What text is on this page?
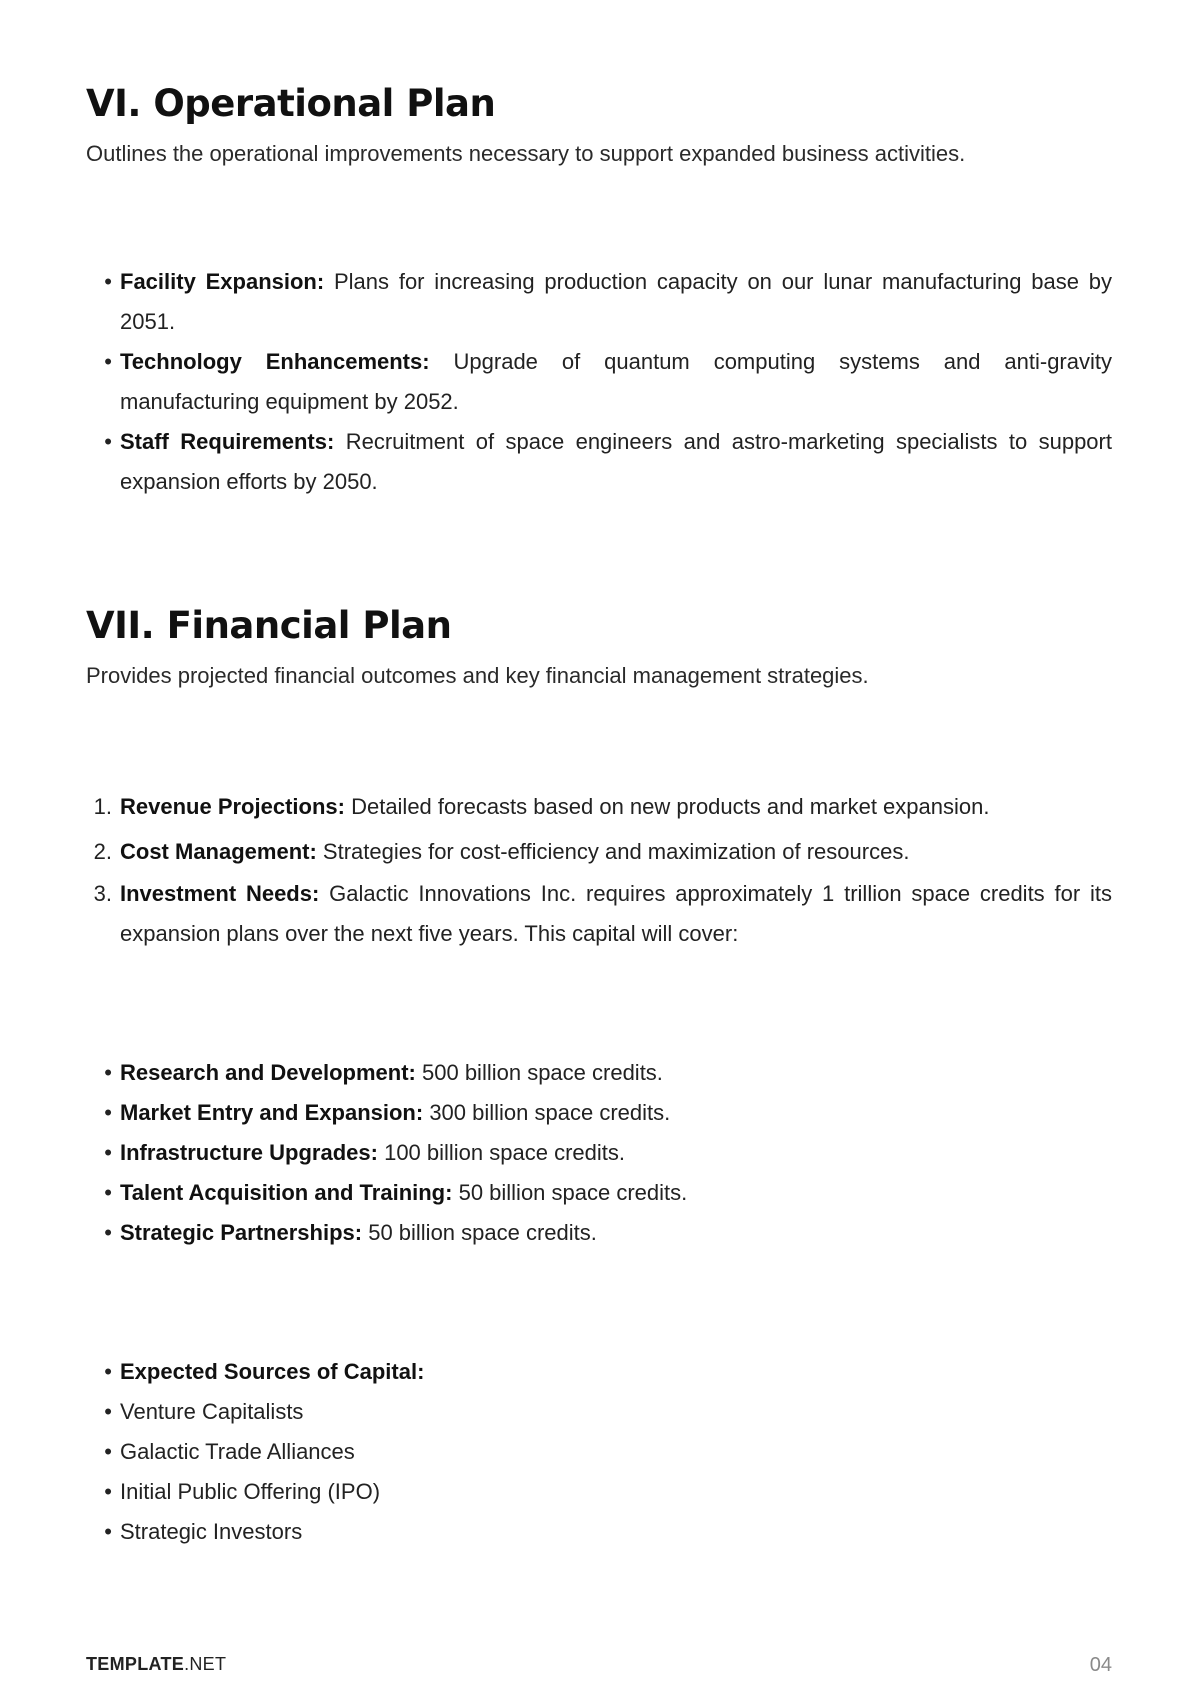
VI. Operational Plan

Outlines the operational improvements necessary to support expanded business activities.

• Facility Expansion: Plans for increasing production capacity on our lunar manufacturing base by 2051.
• Technology Enhancements: Upgrade of quantum computing systems and anti-gravity manufacturing equipment by 2052.
• Staff Requirements: Recruitment of space engineers and astro-marketing specialists to support expansion efforts by 2050.
VII. Financial Plan

Provides projected financial outcomes and key financial management strategies.

1. Revenue Projections: Detailed forecasts based on new products and market expansion.
2. Cost Management: Strategies for cost-efficiency and maximization of resources.
3. Investment Needs: Galactic Innovations Inc. requires approximately 1 trillion space credits for its expansion plans over the next five years. This capital will cover:
• Research and Development: 500 billion space credits.
• Market Entry and Expansion: 300 billion space credits.
• Infrastructure Upgrades: 100 billion space credits.
• Talent Acquisition and Training: 50 billion space credits.
• Strategic Partnerships: 50 billion space credits.
• Expected Sources of Capital:
• Venture Capitalists
• Galactic Trade Alliances
• Initial Public Offering (IPO)
• Strategic Investors
TEMPLATE.NET	04
